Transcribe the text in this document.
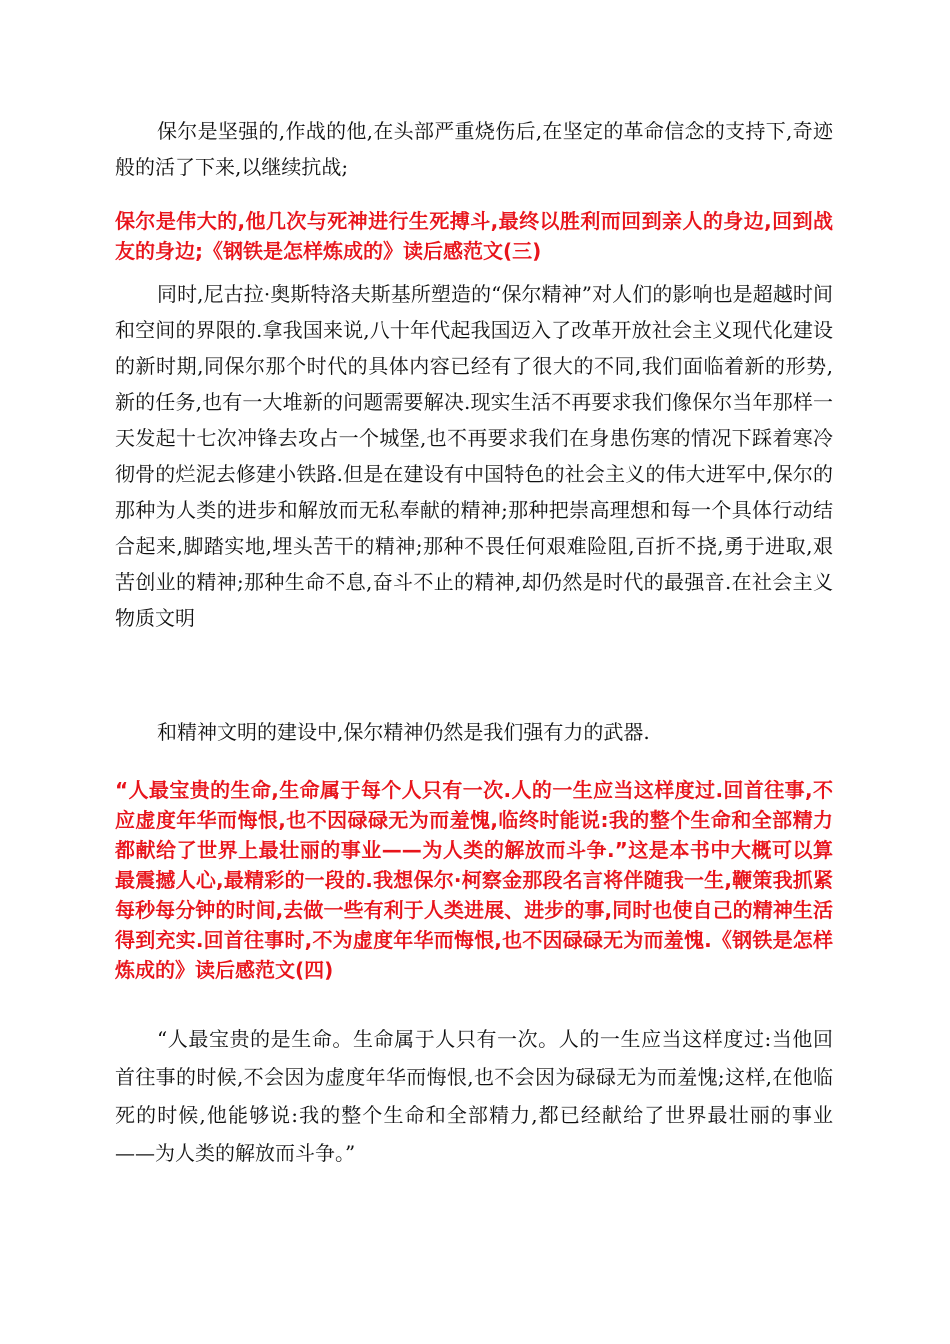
保尔是坚强的,作战的他,在头部严重烧伤后,在坚定的革命信念的支持下,奇迹般的活了下来,以继续抗战;

保尔是伟大的,他几次与死神进行生死搏斗,最终以胜利而回到亲人的身边,回到战友的身边;《钢铁是怎样炼成的》读后感范文(三)

同时,尼古拉·奥斯特洛夫斯基所塑造的“保尔精神”对人们的影响也是超越时间和空间的界限的.拿我国来说,八十年代起我国迈入了改革开放社会主义现代化建设的新时期,同保尔那个时代的具体内容已经有了很大的不同,我们面临着新的形势,新的任务,也有一大堆新的问题需要解决.现实生活不再要求我们像保尔当年那样一天发起十七次冲锋去攻占一个城堡,也不再要求我们在身患伤寒的情况下踩着寒冷彻骨的烂泥去修建小铁路.但是在建设有中国特色的社会主义的伟大进军中,保尔的那种为人类的进步和解放而无私奉献的精神;那种把崇高理想和每一个具体行动结合起来,脚踏实地,埋头苦干的精神;那种不畏任何艰难险阻,百折不挠,勇于进取,艰苦创业的精神;那种生命不息,奋斗不止的精神,却仍然是时代的最强音.在社会主义物质文明

和精神文明的建设中,保尔精神仍然是我们强有力的武器.

“人最宝贵的生命,生命属于每个人只有一次.人的一生应当这样度过.回首往事,不应虚度年华而悔恨,也不因碌碌无为而羞愧,临终时能说:我的整个生命和全部精力都献给了世界上最壮丽的事业——为人类的解放而斗争.”这是本书中大概可以算最震撼人心,最精彩的一段的.我想保尔·柯察金那段名言将伴随我一生,鞭策我抓紧每秒每分钟的时间,去做一些有利于人类进展、进步的事,同时也使自己的精神生活得到充实.回首往事时,不为虚度年华而悔恨,也不因碌碌无为而羞愧.《钢铁是怎样炼成的》读后感范文(四)

“人最宝贵的是生命。生命属于人只有一次。人的一生应当这样度过:当他回首往事的时候,不会因为虚度年华而悔恨,也不会因为碌碌无为而羞愧;这样,在他临死的时候,他能够说:我的整个生命和全部精力,都已经献给了世界最壮丽的事业——为人类的解放而斗争。”
